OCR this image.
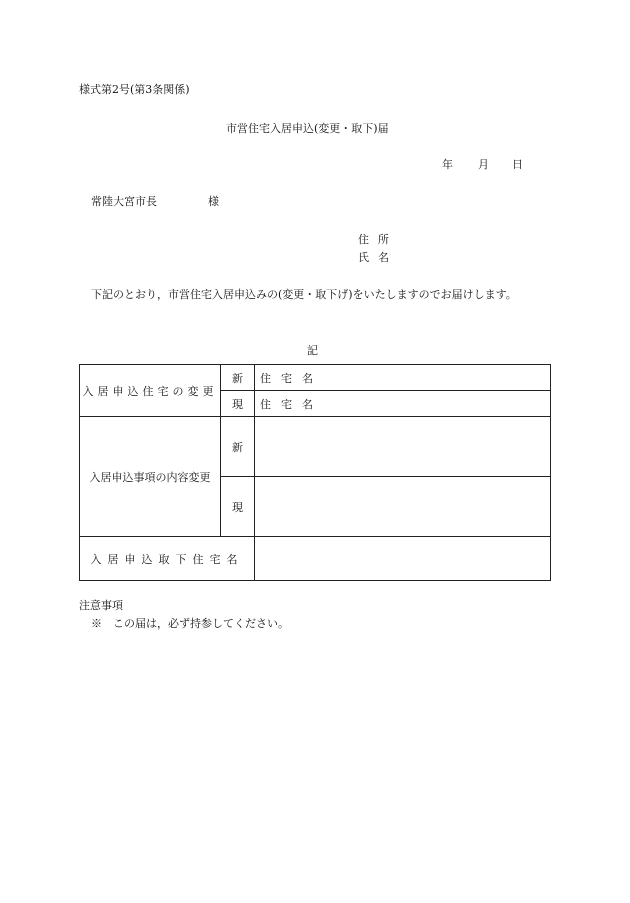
様式第2号(第3条関係)
市営住宅入居申込(変更・取下)届
年 月 日
常陸大宮市長	様
住所
氏名
下記のとおり，市営住宅入居申込みの(変更・取下げ)をいたしますのでお届けします。
記
入居申込住宅の変更	新	住宅名
	現	住宅名
入居申込事項の内容変更	新	
	現	
入居申込取下住宅名		
注意事項
※　この届は，必ず持参してください。
